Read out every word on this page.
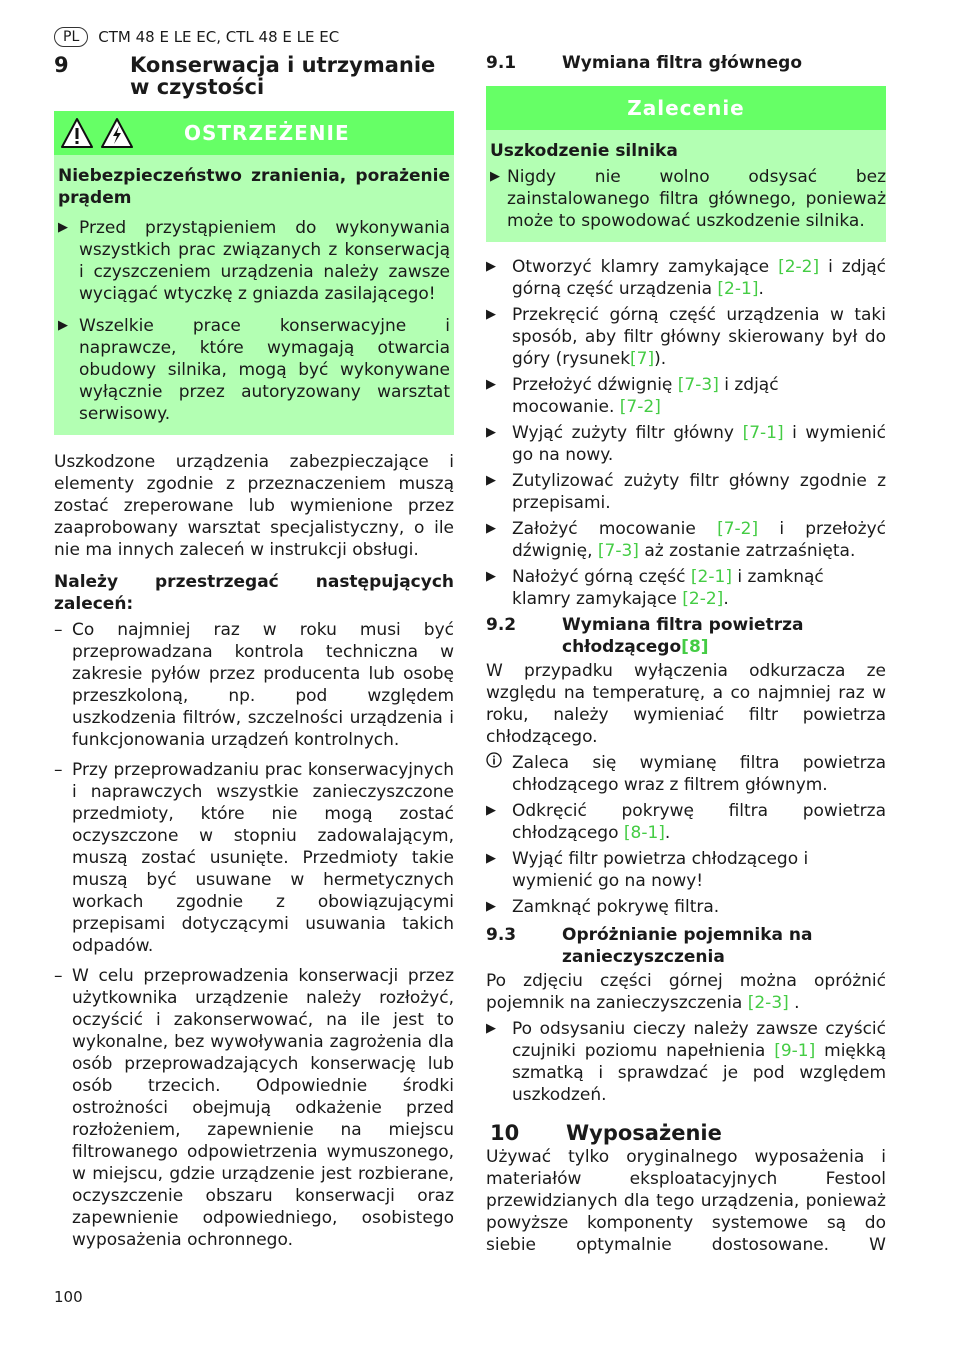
PL	CTM 48 E LE EC, CTL 48 E LE EC
9	Konserwacja i utrzymanie w czystości
OSTRZEŻENIE
Niebezpieczeństwo zranienia, porażenie prądem
▶ Przed przystąpieniem do wykonywania wszystkich prac związanych z konserwacją i czyszczeniem urządzenia należy zawsze wyciągać wtyczkę z gniazda zasilającego!
▶ Wszelkie prace konserwacyjne i naprawcze, które wymagają otwarcia obudowy silnika, mogą być wykonywane wyłącznie przez autoryzowany warsztat serwisowy.

Uszkodzone urządzenia zabezpieczające i elementy zgodnie z przeznaczeniem muszą zostać zreperowane lub wymienione przez zaaprobowany warsztat specjalistyczny, o ile nie ma innych zaleceń w instrukcji obsługi.

Należy przestrzegać następujących zaleceń:

– Co najmniej raz w roku musi być przeprowadzana kontrola techniczna w zakresie pyłów przez producenta lub osobę przeszkoloną, np. pod względem uszkodzenia filtrów, szczelności urządzenia i funkcjonowania urządzeń kontrolnych.
– Przy przeprowadzaniu prac konserwacyjnych i naprawczych wszystkie zanieczyszczone przedmioty, które nie mogą zostać oczyszczone w stopniu zadowalającym, muszą zostać usunięte. Przedmioty takie muszą być usuwane w hermetycznych workach zgodnie z obowiązującymi przepisami dotyczącymi usuwania takich odpadów.
– W celu przeprowadzenia konserwacji przez użytkownika urządzenie należy rozłożyć, oczyścić i zakonserwować, na ile jest to wykonalne, bez wywoływania zagrożenia dla osób przeprowadzających konserwację lub osób trzecich. Odpowiednie środki ostrożności obejmują odkażenie przed rozłożeniem, zapewnienie na miejscu filtrowanego odpowietrzenia wymuszonego, w miejscu, gdzie urządzenie jest rozbierane, oczyszczenie obszaru konserwacji oraz zapewnienie odpowiedniego, osobistego wyposażenia ochronnego.
9.1	Wymiana filtra głównego
Zalecenie
Uszkodzenie silnika
▶ Nigdy nie wolno odsysać bez zainstalowanego filtra głównego, ponieważ może to spowodować uszkodzenie silnika.
▶ Otworzyć klamry zamykające [2-2] i zdjąć górną część urządzenia [2-1].
▶ Przekręcić górną część urządzenia w taki sposób, aby filtr główny skierowany był do góry (rysunek[7]).
▶ Przełożyć dźwignię [7-3] i zdjąć mocowanie. [7-2]
▶ Wyjąć zużyty filtr główny [7-1] i wymienić go na nowy.
▶ Zutylizować zużyty filtr główny zgodnie z przepisami.
▶ Założyć mocowanie [7-2] i przełożyć dźwignię, [7-3] aż zostanie zatrzaśnięta.
▶ Nałożyć górną część [2-1] i zamknąć klamry zamykające [2-2].
9.2	Wymiana filtra powietrza chłodzącego[8]

W przypadku wyłączenia odkurzacza ze względu na temperaturę, a co najmniej raz w roku, należy wymieniać filtr powietrza chłodzącego.

Zaleca się wymianę filtra powietrza chłodzącego wraz z filtrem głównym.
▶ Odkręcić pokrywę filtra powietrza chłodzącego [8-1].
▶ Wyjąć filtr powietrza chłodzącego i wymienić go na nowy!
▶ Zamknąć pokrywę filtra.
9.3	Opróżnianie pojemnika na zanieczyszczenia

Po zdjęciu części górnej można opróżnić pojemnik na zanieczyszczenia [2-3] .

▶ Po odsysaniu cieczy należy zawsze czyścić czujniki poziomu napełnienia [9-1] miękką szmatką i sprawdzać je pod względem uszkodzeń.
10	Wyposażenie

Używać tylko oryginalnego wyposażenia i materiałów eksploatacyjnych Festool przewidzianych dla tego urządzenia, ponieważ powyższe komponenty systemowe są do siebie optymalnie dostosowane. W

100
